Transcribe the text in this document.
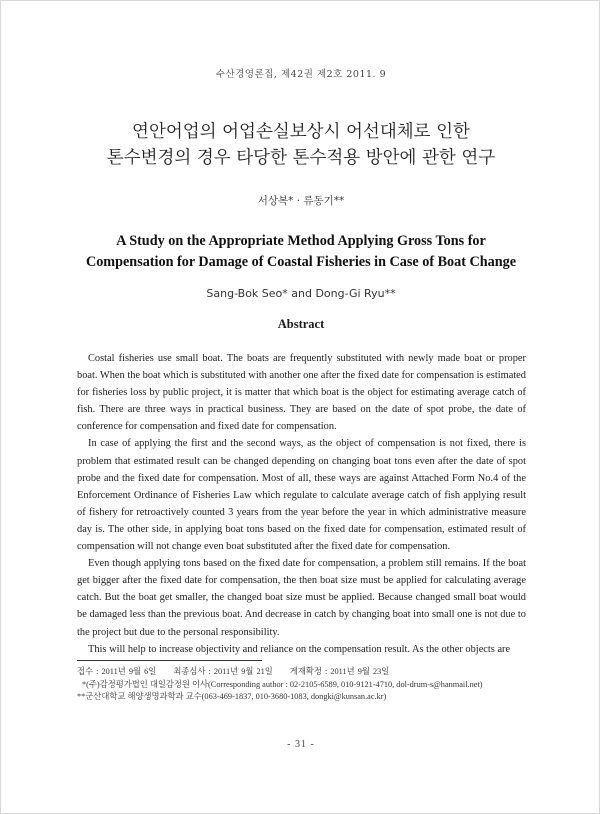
수산경영론집, 제42권 제2호 2011. 9
연안어업의 어업손실보상시 어선대체로 인한
톤수변경의 경우 타당한 톤수적용 방안에 관한 연구
서상복* · 류동기**
A Study on the Appropriate Method Applying Gross Tons for
Compensation for Damage of Coastal Fisheries in Case of Boat Change
Sang-Bok Seo* and Dong-Gi Ryu**
Abstract

Costal fisheries use small boat. The boats are frequently substituted with newly made boat or proper boat. When the boat which is substituted with another one after the fixed date for compensation is estimated for fisheries loss by public project, it is matter that which boat is the object for estimating average catch of fish. There are three ways in practical business. They are based on the date of spot probe, the date of conference for compensation and fixed date for compensation.

In case of applying the first and the second ways, as the object of compensation is not fixed, there is problem that estimated result can be changed depending on changing boat tons even after the date of spot probe and the fixed date for compensation. Most of all, these ways are against Attached Form No.4 of the Enforcement Ordinance of Fisheries Law which regulate to calculate average catch of fish applying result of fishery for retroactively counted 3 years from the year before the year in which administrative measure day is. The other side, in applying boat tons based on the fixed date for compensation, estimated result of compensation will not change even boat substituted after the fixed date for compensation.

Even though applying tons based on the fixed date for compensation, a problem still remains. If the boat get bigger after the fixed date for compensation, the then boat size must be applied for calculating average catch. But the boat get smaller, the changed boat size must be applied. Because changed small boat would be damaged less than the previous boat. And decrease in catch by changing boat into small one is not due to the project but due to the personal responsibility.

This will help to increase objectivity and reliance on the compensation result. As the other objects are

접수 : 2011년 9월 6일 최종심사 : 2011년 9월 21일 게재확정 : 2011년 9월 23일

*(주)감정평가법인 대일감정원 이사(Corresponding author : 02-2105-6589, 010-9121-4710, dol-drum-s@hanmail.net)

**군산대학교 해양생명과학과 교수(063-469-1837, 010-3680-1083, dongki@kunsan.ac.kr)

- 31 -
